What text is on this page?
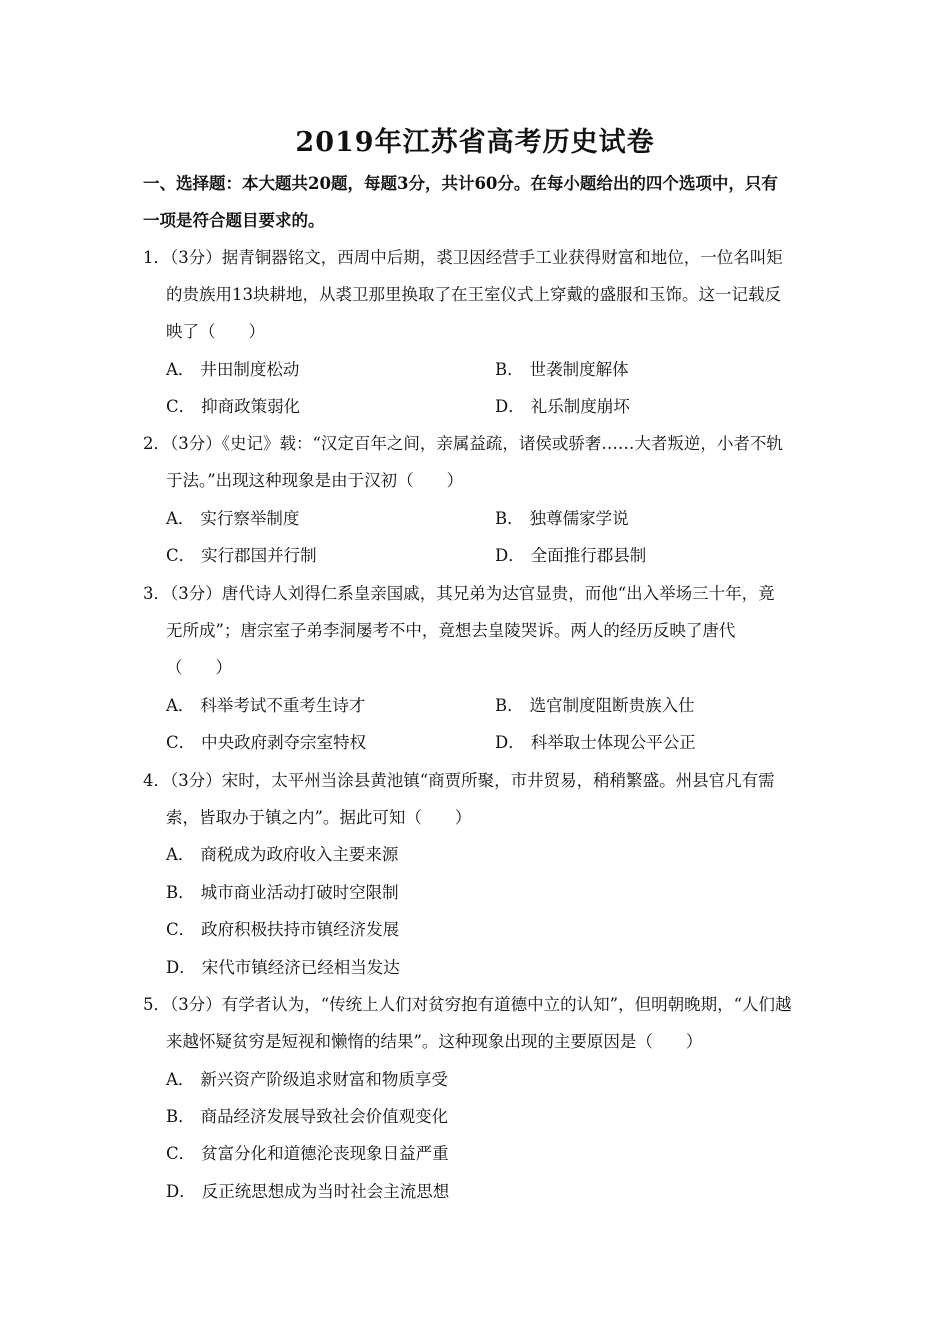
2019年江苏省高考历史试卷
一、选择题：本大题共20题，每题3分，共计60分。在每小题给出的四个选项中，只有
一项是符合题目要求的。
1．（3分）据青铜器铭文，西周中后期，裘卫因经营手工业获得财富和地位，一位名叫矩
的贵族用13块耕地，从裘卫那里换取了在王室仪式上穿戴的盛服和玉饰。这一记载反
映了（　　）
A． 井田制度松动	B． 世袭制度解体
C． 抑商政策弱化	D． 礼乐制度崩坏
2．（3分）《史记》载：“汉定百年之间，亲属益疏，诸侯或骄奢……大者叛逆，小者不轨
于法。”出现这种现象是由于汉初（　　）
A． 实行察举制度	B． 独尊儒家学说
C． 实行郡国并行制	D． 全面推行郡县制
3．（3分）唐代诗人刘得仁系皇亲国戚，其兄弟为达官显贵，而他“出入举场三十年，竟
无所成”；唐宗室子弟李洞屡考不中，竟想去皇陵哭诉。两人的经历反映了唐代
（　　）
A． 科举考试不重考生诗才	B． 选官制度阻断贵族入仕
C． 中央政府剥夺宗室特权	D． 科举取士体现公平公正
4．（3分）宋时，太平州当涂县黄池镇“商贾所聚，市井贸易，稍稍繁盛。州县官凡有需
索，皆取办于镇之内”。据此可知（　　）
A． 商税成为政府收入主要来源
B． 城市商业活动打破时空限制
C． 政府积极扶持市镇经济发展
D． 宋代市镇经济已经相当发达
5．（3分）有学者认为，“传统上人们对贫穷抱有道德中立的认知”，但明朝晚期，“人们越
来越怀疑贫穷是短视和懒惰的结果”。这种现象出现的主要原因是（　　）
A． 新兴资产阶级追求财富和物质享受
B． 商品经济发展导致社会价值观变化
C． 贫富分化和道德沦丧现象日益严重
D． 反正统思想成为当时社会主流思想
